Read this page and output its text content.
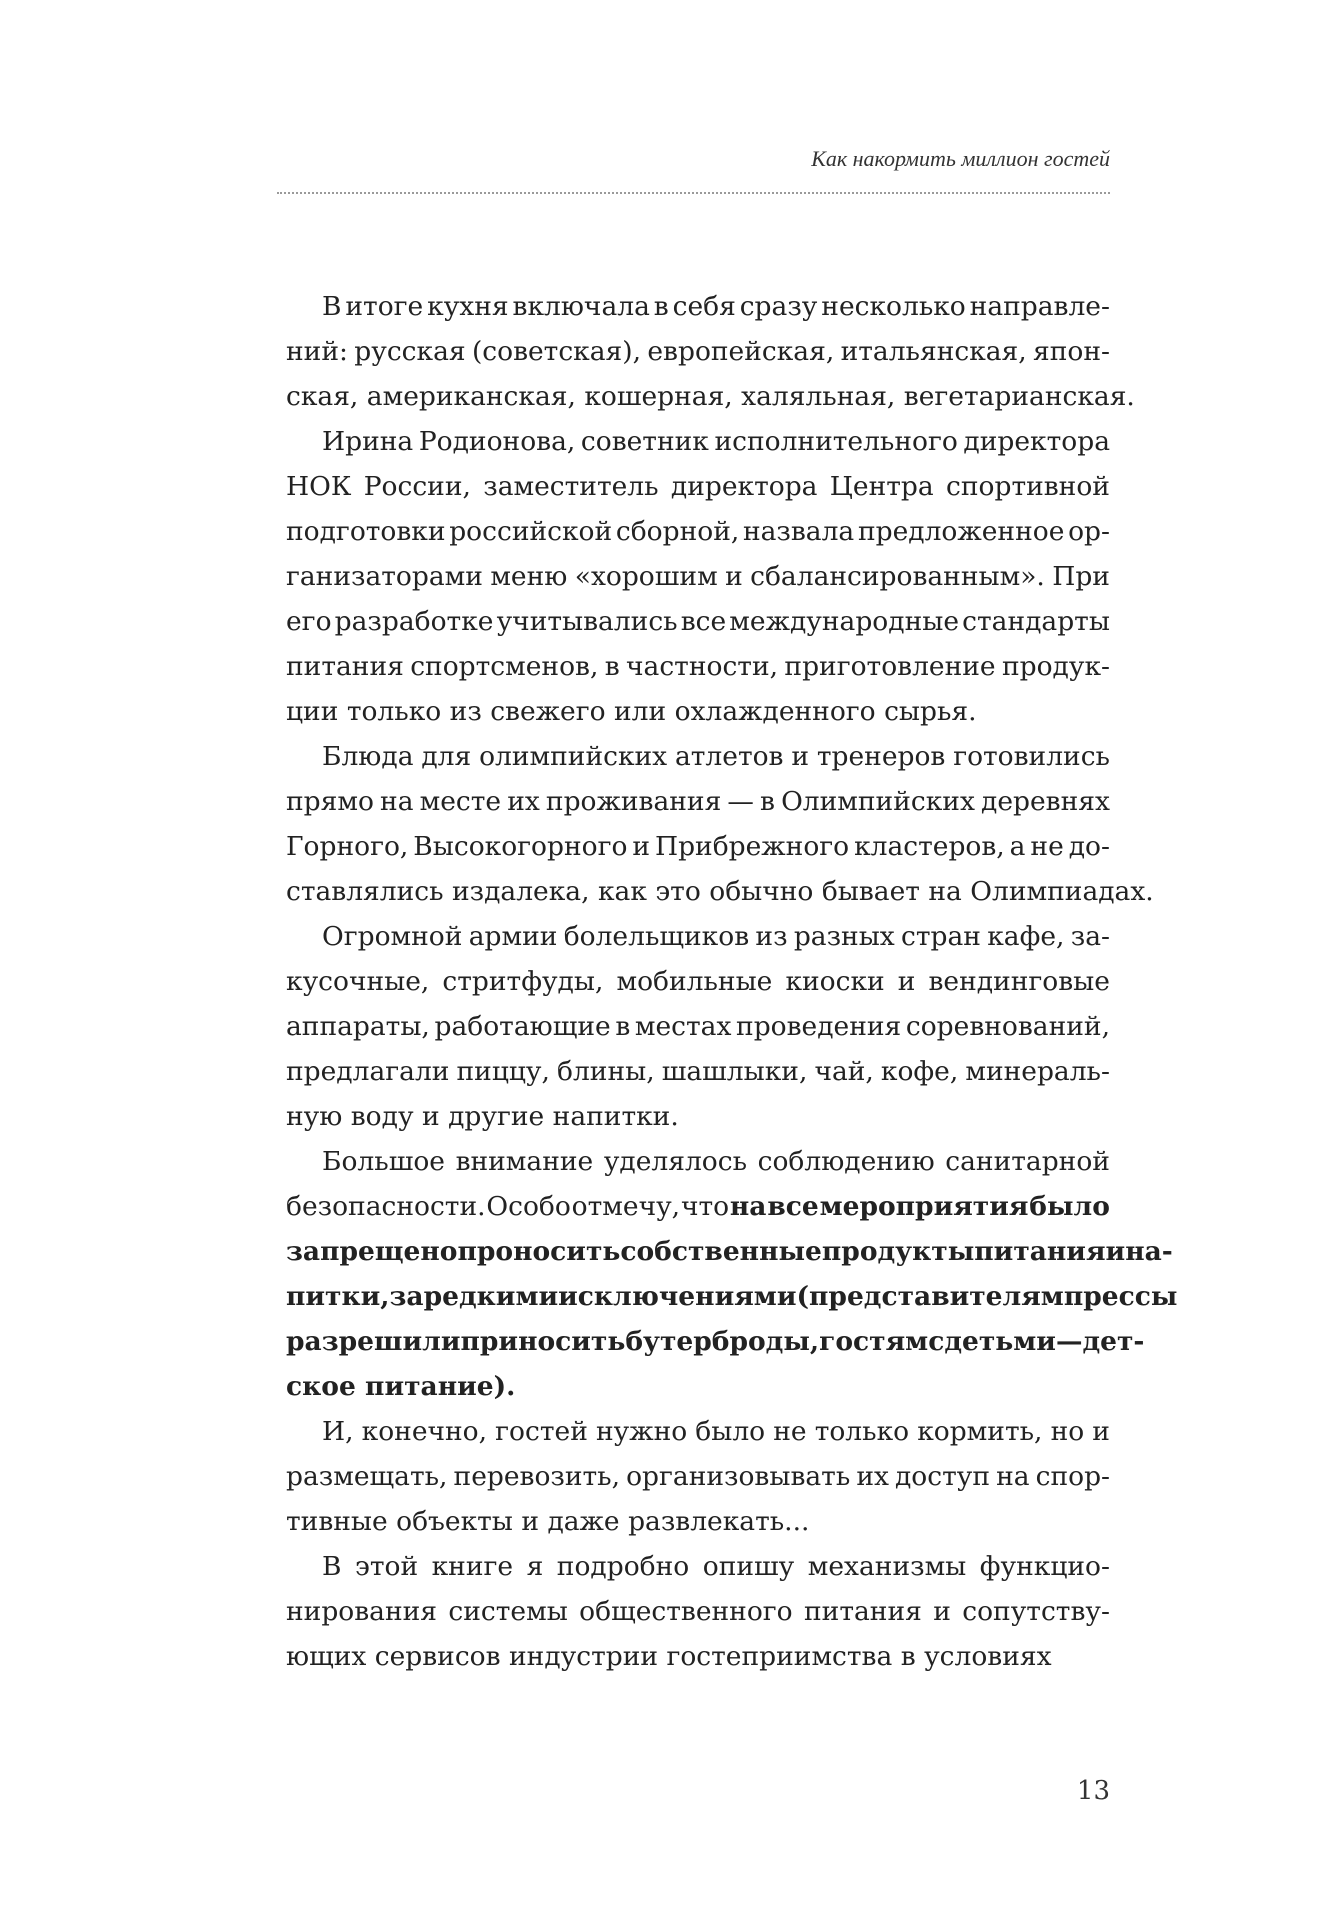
Как накормить миллион гостей
В итоге кухня включала в себя сразу несколько направле-
ний: русская (советская), европейская, итальянская, япон-
ская, американская, кошерная, халяльная, вегетарианская.
Ирина Родионова, советник исполнительного директора
НОК России, заместитель директора Центра спортивной
подготовки российской сборной, назвала предложенное ор-
ганизаторами меню «хорошим и сбалансированным». При
его разработке учитывались все международные стандарты
питания спортсменов, в частности, приготовление продук-
ции только из свежего или охлажденного сырья.
Блюда для олимпийских атлетов и тренеров готовились
прямо на месте их проживания — в Олимпийских деревнях
Горного, Высокогорного и Прибрежного кластеров, а не до-
ставлялись издалека, как это обычно бывает на Олимпиадах.
Огромной армии болельщиков из разных стран кафе, за-
кусочные, стритфуды, мобильные киоски и вендинговые
аппараты, работающие в местах проведения соревнований,
предлагали пиццу, блины, шашлыки, чай, кофе, минераль-
ную воду и другие напитки.
Большое внимание уделялось соблюдению санитарной
безопасности. Особо отмечу, что на все мероприятия было
запрещено проносить собственные продукты питания и на-
питки, за редкими исключениями (представителям прессы
разрешили приносить бутерброды, гостям с детьми — дет-
ское питание).
И, конечно, гостей нужно было не только кормить, но и
размещать, перевозить, организовывать их доступ на спор-
тивные объекты и даже развлекать...
В этой книге я подробно опишу механизмы функцио-
нирования системы общественного питания и сопутству-
ющих сервисов индустрии гостеприимства в условиях
13
